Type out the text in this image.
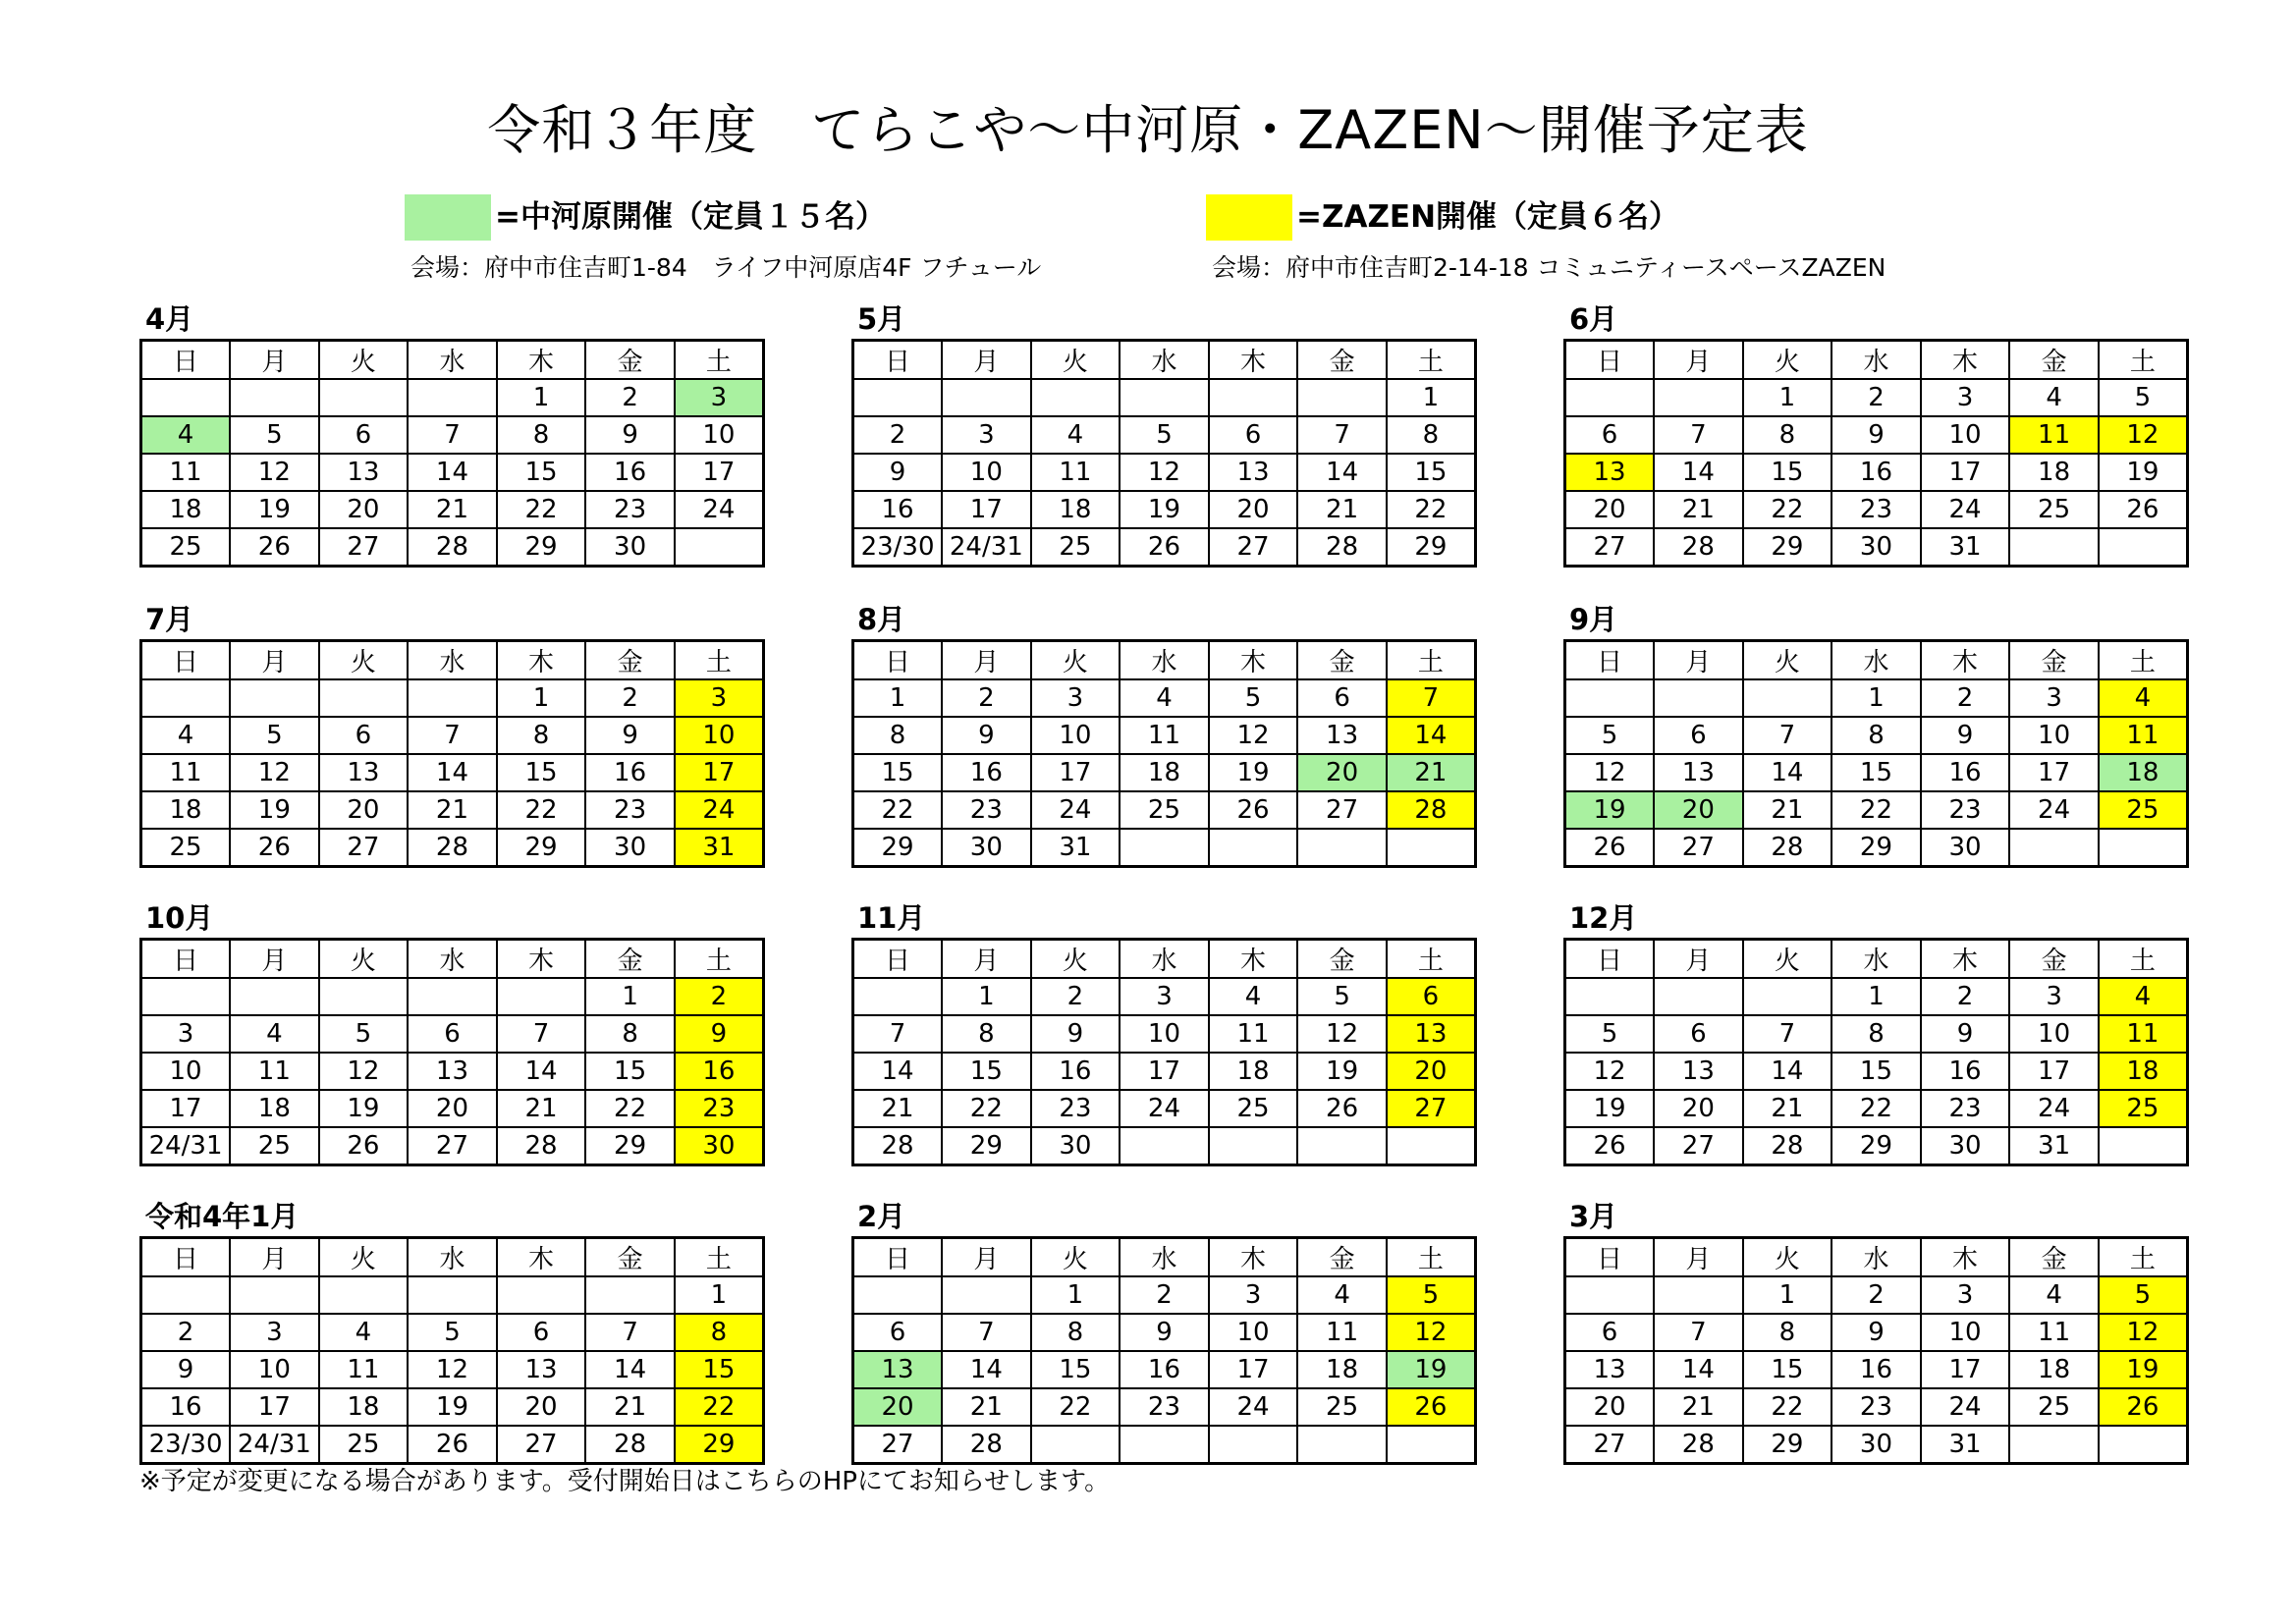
令和３年度　てらこや～中河原・ZAZEN～開催予定表
=中河原開催（定員１５名）
会場：府中市住吉町1-84　ライフ中河原店4F フチュール
=ZAZEN開催（定員６名）
会場：府中市住吉町2-14-18 コミュニティースペースZAZEN
4月
日	月	火	水	木	金	土
				1	2	3
4	5	6	7	8	9	10
11	12	13	14	15	16	17
18	19	20	21	22	23	24
25	26	27	28	29	30	
5月
日	月	火	水	木	金	土
						1
2	3	4	5	6	7	8
9	10	11	12	13	14	15
16	17	18	19	20	21	22
23/30	24/31	25	26	27	28	29
6月
日	月	火	水	木	金	土
		1	2	3	4	5
6	7	8	9	10	11	12
13	14	15	16	17	18	19
20	21	22	23	24	25	26
27	28	29	30	31		
7月
日	月	火	水	木	金	土
				1	2	3
4	5	6	7	8	9	10
11	12	13	14	15	16	17
18	19	20	21	22	23	24
25	26	27	28	29	30	31
8月
日	月	火	水	木	金	土
1	2	3	4	5	6	7
8	9	10	11	12	13	14
15	16	17	18	19	20	21
22	23	24	25	26	27	28
29	30	31				
9月
日	月	火	水	木	金	土
			1	2	3	4
5	6	7	8	9	10	11
12	13	14	15	16	17	18
19	20	21	22	23	24	25
26	27	28	29	30		
10月
日	月	火	水	木	金	土
					1	2
3	4	5	6	7	8	9
10	11	12	13	14	15	16
17	18	19	20	21	22	23
24/31	25	26	27	28	29	30
11月
日	月	火	水	木	金	土
	1	2	3	4	5	6
7	8	9	10	11	12	13
14	15	16	17	18	19	20
21	22	23	24	25	26	27
28	29	30				
12月
日	月	火	水	木	金	土
			1	2	3	4
5	6	7	8	9	10	11
12	13	14	15	16	17	18
19	20	21	22	23	24	25
26	27	28	29	30	31	
令和4年1月
日	月	火	水	木	金	土
						1
2	3	4	5	6	7	8
9	10	11	12	13	14	15
16	17	18	19	20	21	22
23/30	24/31	25	26	27	28	29
2月
日	月	火	水	木	金	土
		1	2	3	4	5
6	7	8	9	10	11	12
13	14	15	16	17	18	19
20	21	22	23	24	25	26
27	28					
3月
日	月	火	水	木	金	土
		1	2	3	4	5
6	7	8	9	10	11	12
13	14	15	16	17	18	19
20	21	22	23	24	25	26
27	28	29	30	31		
※予定が変更になる場合があります。受付開始日はこちらのHPにてお知らせします。
